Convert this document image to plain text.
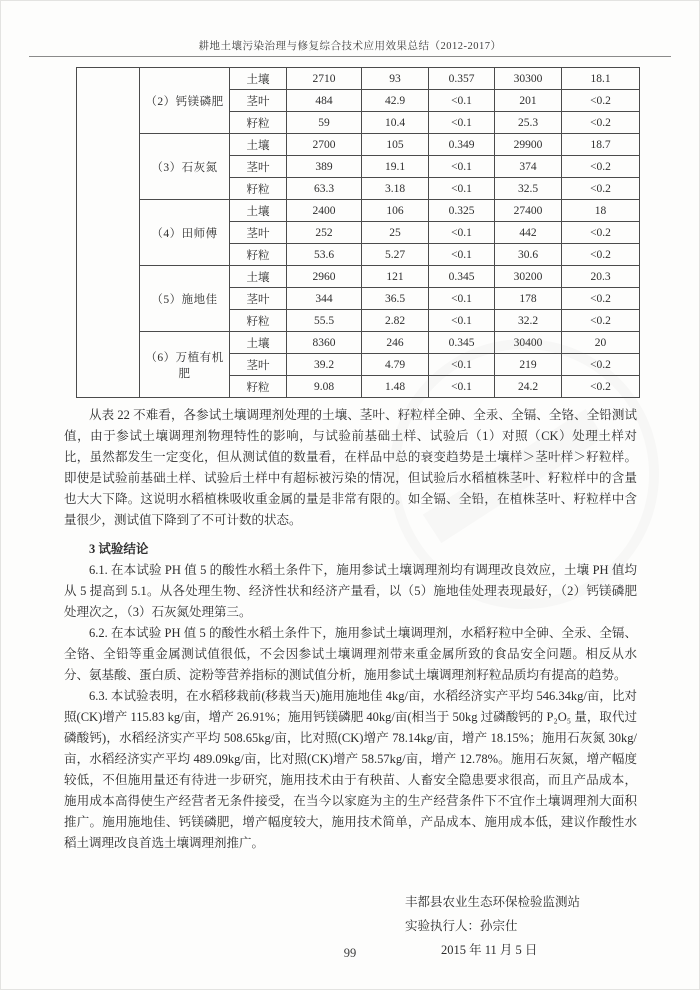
耕地土壤污染治理与修复综合技术应用效果总结（2012-2017）
	（2）钙镁磷肥	土壤	2710	93	0.357	30300	18.1
		茎叶	484	42.9	<0.1	201	<0.2
		籽粒	59	10.4	<0.1	25.3	<0.2
	（3）石灰氮	土壤	2700	105	0.349	29900	18.7
		茎叶	389	19.1	<0.1	374	<0.2
		籽粒	63.3	3.18	<0.1	32.5	<0.2
	（4）田师傅	土壤	2400	106	0.325	27400	18
		茎叶	252	25	<0.1	442	<0.2
		籽粒	53.6	5.27	<0.1	30.6	<0.2
	（5）施地佳	土壤	2960	121	0.345	30200	20.3
		茎叶	344	36.5	<0.1	178	<0.2
		籽粒	55.5	2.82	<0.1	32.2	<0.2
	（6）万植有机肥	土壤	8360	246	0.345	30400	20
		茎叶	39.2	4.79	<0.1	219	<0.2
		籽粒	9.08	1.48	<0.1	24.2	<0.2

从表 22 不难看，各参试土壤调理剂处理的土壤、茎叶、籽粒样全砷、全汞、全镉、全铬、全铅测试值，由于参试土壤调理剂物理特性的影响，与试验前基础土样、试验后（1）对照（CK）处理土样对比，虽然都发生一定变化，但从测试值的数量看，在样品中总的衰变趋势是土壤样＞茎叶样＞籽粒样。即使是试验前基础土样、试验后土样中有超标被污染的情况，但试验后水稻植株茎叶、籽粒样中的含量也大大下降。这说明水稻植株吸收重金属的量是非常有限的。如全镉、全铅，在植株茎叶、籽粒样中含量很少，测试值下降到了不可计数的状态。

3 试验结论

6.1. 在本试验 PH 值 5 的酸性水稻土条件下，施用参试土壤调理剂均有调理改良效应，土壤 PH 值均从 5 提高到 5.1。从各处理生物、经济性状和经济产量看，以（5）施地佳处理表现最好，（2）钙镁磷肥处理次之，（3）石灰氮处理第三。

6.2. 在本试验 PH 值 5 的酸性水稻土条件下，施用参试土壤调理剂，水稻籽粒中全砷、全汞、全镉、全铬、全铅等重金属测试值很低，不会因参试土壤调理剂带来重金属所致的食品安全问题。相反从水分、氨基酸、蛋白质、淀粉等营养指标的测试值分析，施用参试土壤调理剂籽粒品质均有提高的趋势。

6.3. 本试验表明，在水稻移栽前(移栽当天)施用施地佳 4kg/亩，水稻经济实产平均 546.34kg/亩，比对照(CK)增产 115.83 kg/亩，增产 26.91%；施用钙镁磷肥 40kg/亩(相当于 50kg 过磷酸钙的 P₂O₅ 量，取代过磷酸钙)，水稻经济实产平均 508.65kg/亩，比对照(CK)增产 78.14kg/亩，增产 18.15%；施用石灰氮 30kg/亩，水稻经济实产平均 489.09kg/亩，比对照(CK)增产 58.57kg/亩，增产 12.78%。施用石灰氮，增产幅度较低，不但施用量还有待进一步研究，施用技术由于有秧苗、人畜安全隐患要求很高，而且产品成本，施用成本高得使生产经营者无条件接受，在当今以家庭为主的生产经营条件下不宜作土壤调理剂大面积推广。施用施地佳、钙镁磷肥，增产幅度较大，施用技术简单，产品成本、施用成本低，建议作酸性水稻土调理改良首选土壤调理剂推广。

丰都县农业生态环保检验监测站
实验执行人：孙宗仕
2015 年 11 月 5 日
99
